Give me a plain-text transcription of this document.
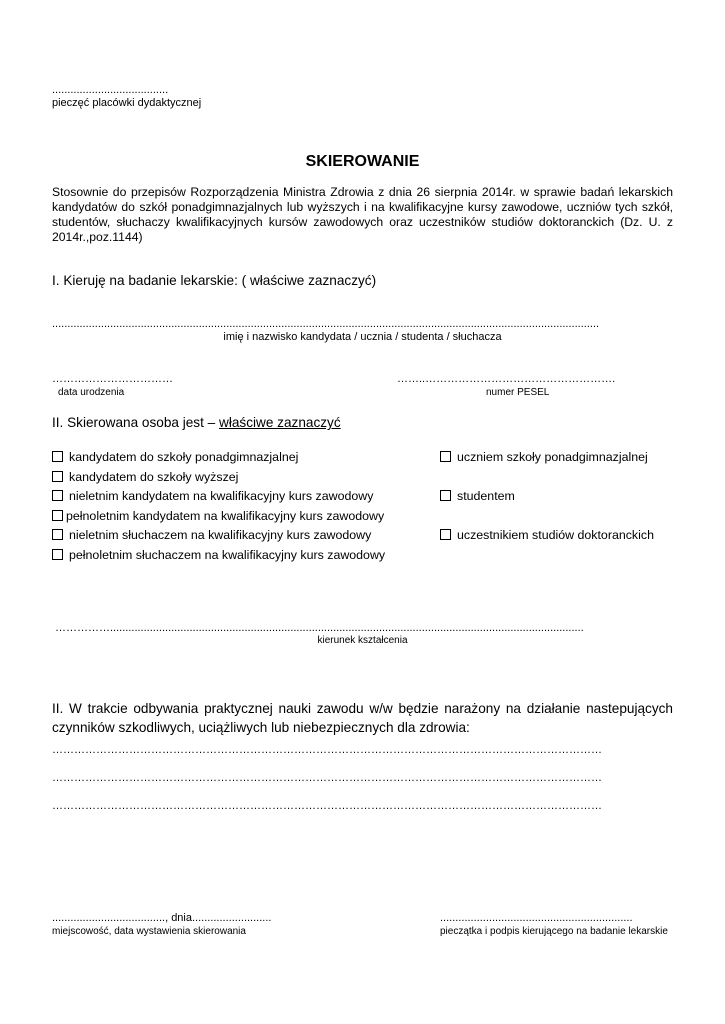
......................................
pieczęć placówki dydaktycznej
SKIEROWANIE
Stosownie do przepisów Rozporządzenia Ministra Zdrowia z dnia 26 sierpnia 2014r. w sprawie badań lekarskich kandydatów do szkół ponadgimnazjalnych lub wyższych i na kwalifikacyjne kursy zawodowe, uczniów tych szkół, studentów, słuchaczy kwalifikacyjnych kursów zawodowych oraz uczestników studiów doktoranckich (Dz. U. z 2014r.,poz.1144)
I. Kieruję na badanie lekarskie: ( właściwe zaznaczyć)
...................................................................................................................................................................................
imię i nazwisko kandydata / ucznia / studenta / słuchacza
……………………………
data urodzenia
……..…………………………………………….
numer PESEL
II. Skierowana osoba jest – właściwe zaznaczyć
kandydatem do szkoły ponadgimnazjalnej
kandydatem do szkoły wyższej
nieletnim kandydatem na kwalifikacyjny kurs zawodowy
pełnoletnim kandydatem na kwalifikacyjny kurs zawodowy
nieletnim słuchaczem na kwalifikacyjny kurs zawodowy
pełnoletnim słuchaczem na kwalifikacyjny kurs zawodowy
uczniem szkoły ponadgimnazjalnej
studentem
uczestnikiem studiów doktoranckich
……………...........................................................................................................................................................
kierunek kształcenia
II. W trakcie odbywania praktycznej nauki zawodu w/w będzie narażony na działanie nastepujących czynników szkodliwych, uciążliwych lub niebezpiecznych dla zdrowia:
……………………………………………………………………………………………………………………………………
……………………………………………………………………………………………………………………………………
……………………………………………………………………………………………………………………………………
....................................., dnia..........................
miejscowość, data wystawienia skierowania
...............................................................
pieczątka i podpis kierującego na badanie lekarskie
